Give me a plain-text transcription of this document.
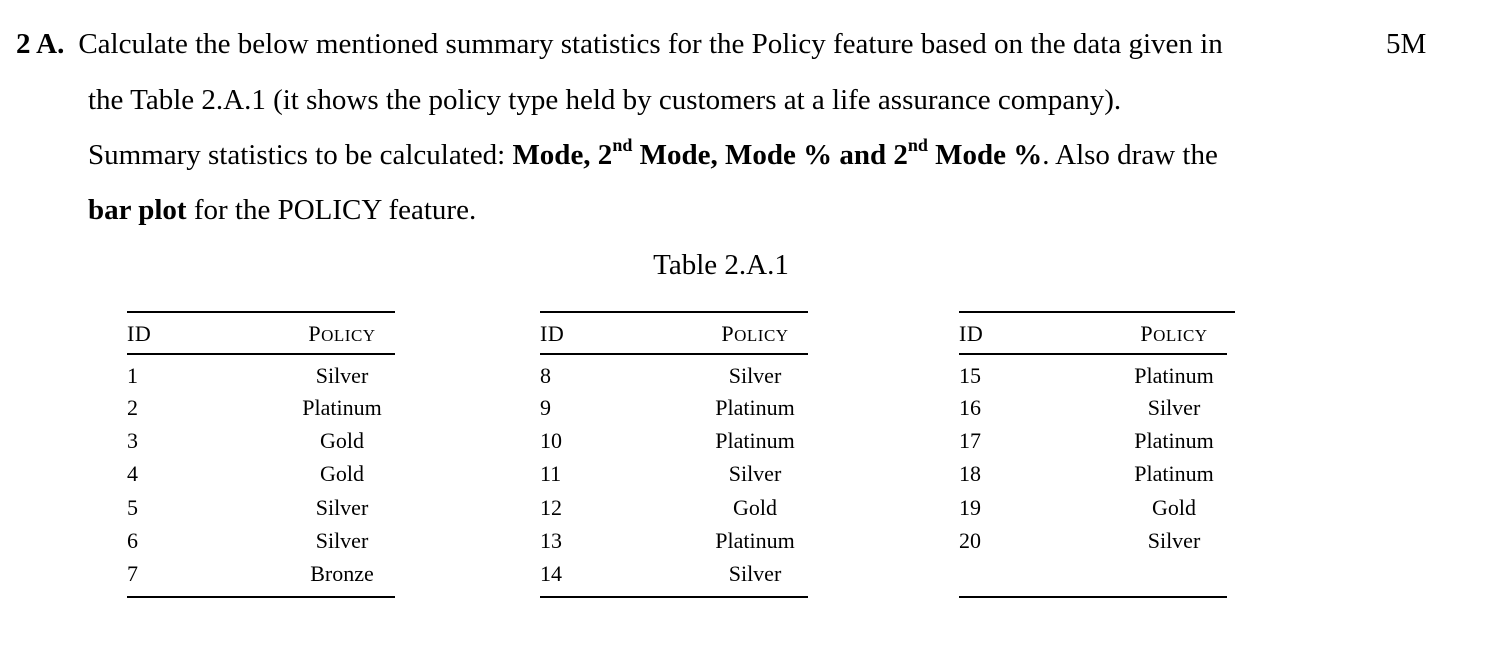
2 A. Calculate the below mentioned summary statistics for the Policy feature based on the data given in	5M
the Table 2.A.1 (it shows the policy type held by customers at a life assurance company).
Summary statistics to be calculated: Mode, 2nd Mode, Mode % and 2nd Mode %. Also draw the
bar plot for the POLICY feature.
Table 2.A.1
ID	POLICY
1	Silver
2	Platinum
3	Gold
4	Gold
5	Silver
6	Silver
7	Bronze
ID	POLICY
8	Silver
9	Platinum
10	Platinum
11	Silver
12	Gold
13	Platinum
14	Silver
ID	POLICY
15	Platinum
16	Silver
17	Platinum
18	Platinum
19	Gold
20	Silver
